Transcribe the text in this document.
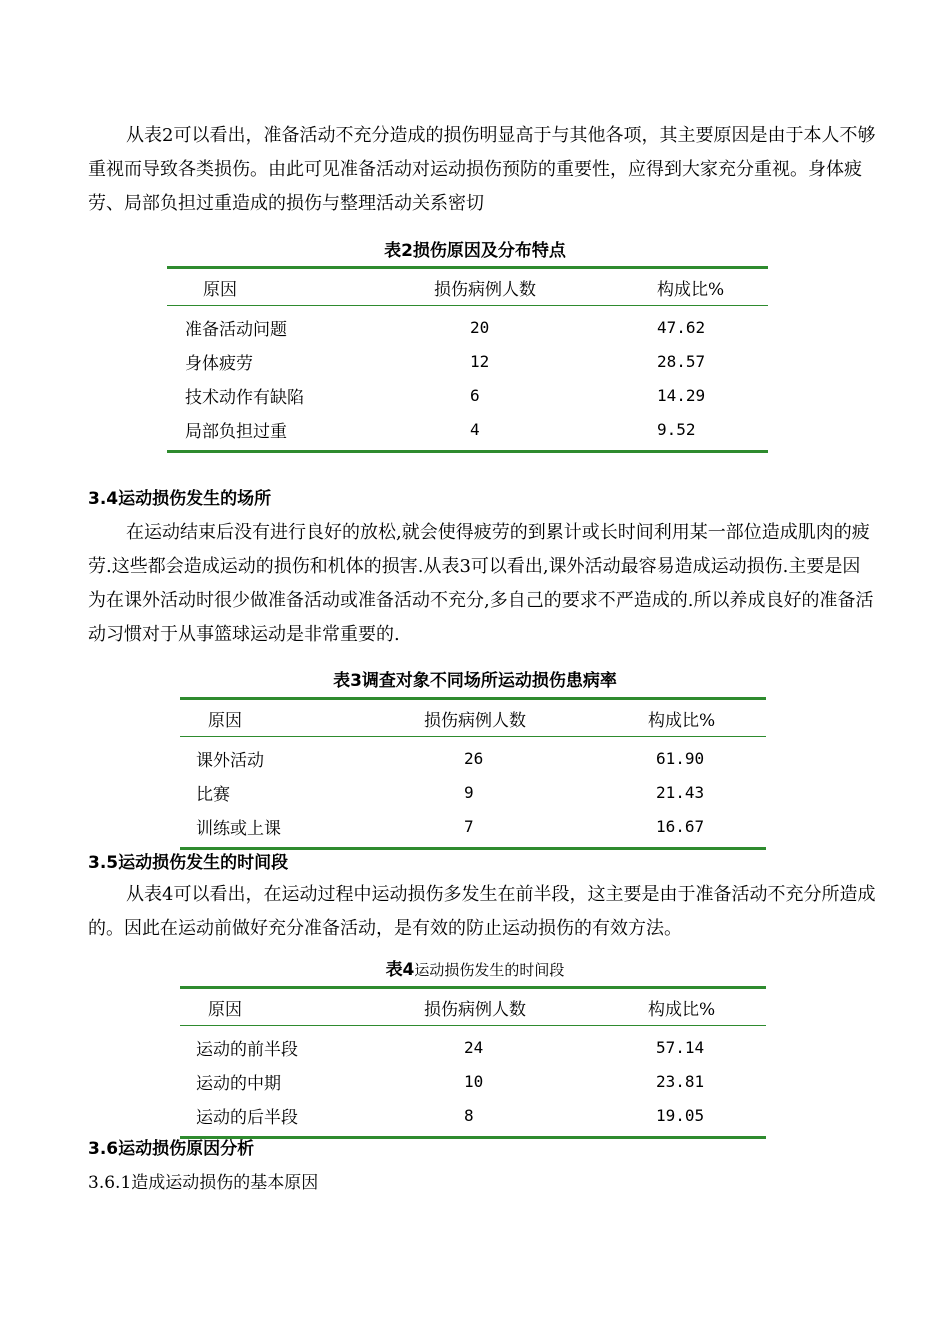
从表2可以看出，准备活动不充分造成的损伤明显高于与其他各项，其主要原因是由于本人不够重视而导致各类损伤。由此可见准备活动对运动损伤预防的重要性，应得到大家充分重视。身体疲劳、局部负担过重造成的损伤与整理活动关系密切

表2损伤原因及分布特点

原因	损伤病例人数	构成比%
准备活动问题	20	47.62
身体疲劳	12	28.57
技术动作有缺陷	6	14.29
局部负担过重	4	9.52

3.4运动损伤发生的场所

在运动结束后没有进行良好的放松,就会使得疲劳的到累计或长时间利用某一部位造成肌肉的疲劳.这些都会造成运动的损伤和机体的损害.从表3可以看出,课外活动最容易造成运动损伤.主要是因为在课外活动时很少做准备活动或准备活动不充分,多自己的要求不严造成的.所以养成良好的准备活动习惯对于从事篮球运动是非常重要的.

表3调查对象不同场所运动损伤患病率

原因	损伤病例人数	构成比%
课外活动	26	61.90
比赛	9	21.43
训练或上课	7	16.67

3.5运动损伤发生的时间段

从表4可以看出，在运动过程中运动损伤多发生在前半段，这主要是由于准备活动不充分所造成的。因此在运动前做好充分准备活动，是有效的防止运动损伤的有效方法。

表4运动损伤发生的时间段

原因	损伤病例人数	构成比%
运动的前半段	24	57.14
运动的中期	10	23.81
运动的后半段	8	19.05

3.6运动损伤原因分析

3.6.1造成运动损伤的基本原因
